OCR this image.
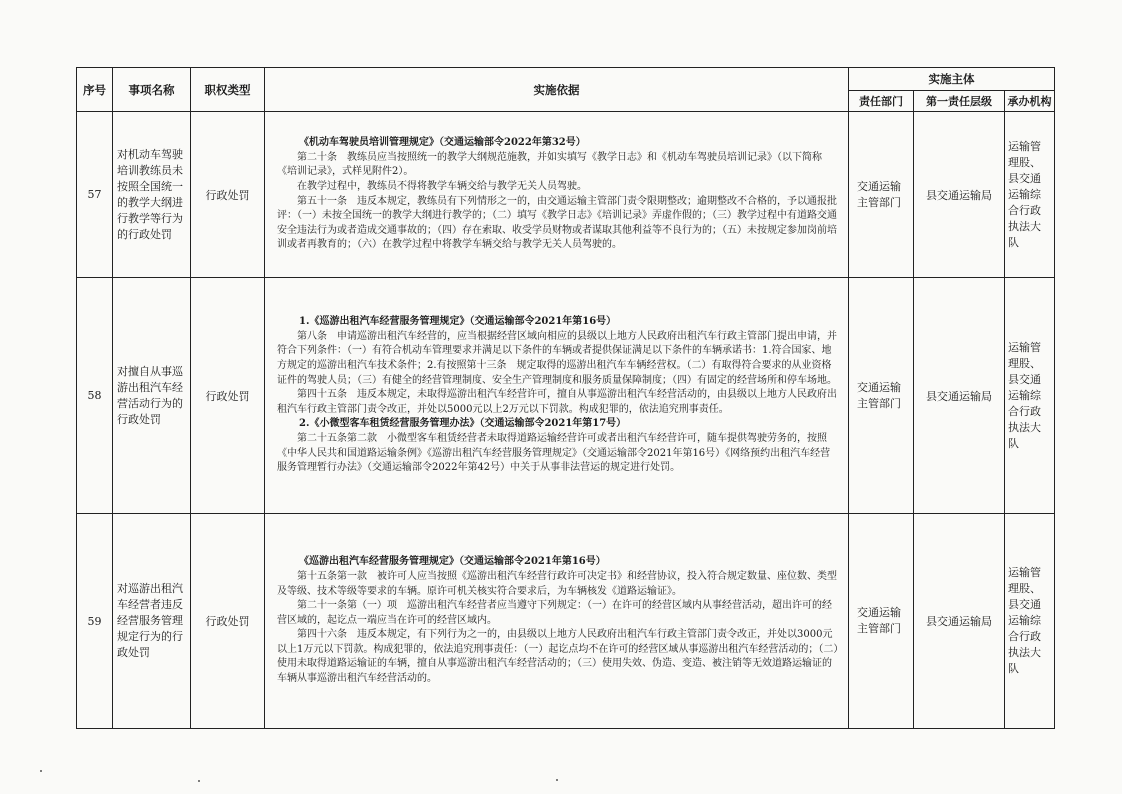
序号	事项名称	职权类型	实施依据	实施主体		
				责任部门	第一责任层级	承办机构
57	对机动车驾驶培训教练员未按照全国统一的教学大纲进行教学等行为的行政处罚	行政处罚	《机动车驾驶员培训管理规定》（交通运输部令2022年第32号）

第二十条　教练员应当按照统一的教学大纲规范施教，并如实填写《教学日志》和《机动车驾驶员培训记录》（以下简称《培训记录》，式样见附件2）。

在教学过程中，教练员不得将教学车辆交给与教学无关人员驾驶。

第五十一条　违反本规定，教练员有下列情形之一的，由交通运输主管部门责令限期整改；逾期整改不合格的，予以通报批评：（一）未按全国统一的教学大纲进行教学的；（二）填写《教学日志》《培训记录》弄虚作假的；（三）教学过程中有道路交通安全违法行为或者造成交通事故的；（四）存在索取、收受学员财物或者谋取其他利益等不良行为的；（五）未按规定参加岗前培训或者再教育的；（六）在教学过程中将教学车辆交给与教学无关人员驾驶的。	交通运输主管部门	县交通运输局	运输管理股、县交通运输综合行政执法大队
58	对擅自从事巡游出租汽车经营活动行为的行政处罚	行政处罚	1.《巡游出租汽车经营服务管理规定》（交通运输部令2021年第16号）

第八条　申请巡游出租汽车经营的，应当根据经营区域向相应的县级以上地方人民政府出租汽车行政主管部门提出申请，并符合下列条件：（一）有符合机动车管理要求并满足以下条件的车辆或者提供保证满足以下条件的车辆承诺书：1.符合国家、地方规定的巡游出租汽车技术条件；2.有按照第十三条　规定取得的巡游出租汽车车辆经营权。（二）有取得符合要求的从业资格证件的驾驶人员；（三）有健全的经营管理制度、安全生产管理制度和服务质量保障制度；（四）有固定的经营场所和停车场地。

第四十五条　违反本规定，未取得巡游出租汽车经营许可，擅自从事巡游出租汽车经营活动的，由县级以上地方人民政府出租汽车行政主管部门责令改正，并处以5000元以上2万元以下罚款。构成犯罪的，依法追究刑事责任。

2.《小微型客车租赁经营服务管理办法》（交通运输部令2021年第17号）

第二十五条第二款　小微型客车租赁经营者未取得道路运输经营许可或者出租汽车经营许可，随车提供驾驶劳务的，按照《中华人民共和国道路运输条例》《巡游出租汽车经营服务管理规定》（交通运输部令2021年第16号）《网络预约出租汽车经营服务管理暂行办法》（交通运输部令2022年第42号）中关于从事非法营运的规定进行处罚。	交通运输主管部门	县交通运输局	运输管理股、县交通运输综合行政执法大队
59	对巡游出租汽车经营者违反经营服务管理规定行为的行政处罚	行政处罚	《巡游出租汽车经营服务管理规定》（交通运输部令2021年第16号）

第十五条第一款　被许可人应当按照《巡游出租汽车经营行政许可决定书》和经营协议，投入符合规定数量、座位数、类型及等级、技术等级等要求的车辆。原许可机关核实符合要求后，为车辆核发《道路运输证》。

第二十一条第（一）项　巡游出租汽车经营者应当遵守下列规定：（一）在许可的经营区域内从事经营活动，超出许可的经营区域的，起讫点一端应当在许可的经营区域内。

第四十六条　违反本规定，有下列行为之一的，由县级以上地方人民政府出租汽车行政主管部门责令改正，并处以3000元以上1万元以下罚款。构成犯罪的，依法追究刑事责任：（一）起讫点均不在许可的经营区域从事巡游出租汽车经营活动的；（二）使用未取得道路运输证的车辆，擅自从事巡游出租汽车经营活动的；（三）使用失效、伪造、变造、被注销等无效道路运输证的车辆从事巡游出租汽车经营活动的。	交通运输主管部门	县交通运输局	运输管理股、县交通运输综合行政执法大队
